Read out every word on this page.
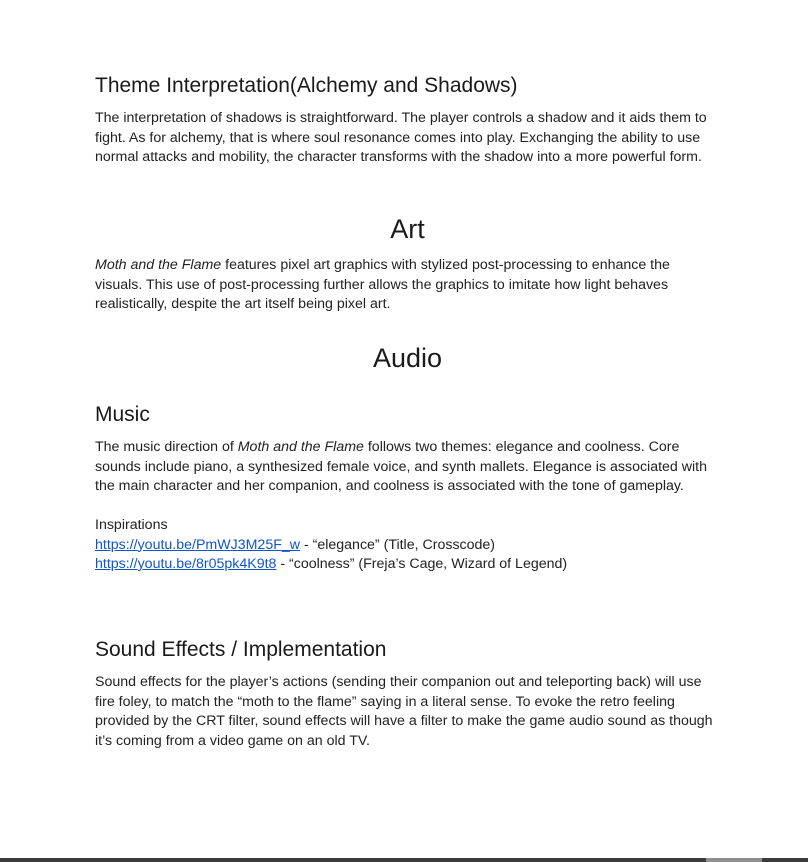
Theme Interpretation(Alchemy and Shadows)

The interpretation of shadows is straightforward. The player controls a shadow and it aids them to fight. As for alchemy, that is where soul resonance comes into play. Exchanging the ability to use normal attacks and mobility, the character transforms with the shadow into a more powerful form.

Art

Moth and the Flame features pixel art graphics with stylized post-processing to enhance the visuals. This use of post-processing further allows the graphics to imitate how light behaves realistically, despite the art itself being pixel art.

Audio
Music

The music direction of Moth and the Flame follows two themes: elegance and coolness. Core sounds include piano, a synthesized female voice, and synth mallets. Elegance is associated with the main character and her companion, and coolness is associated with the tone of gameplay.

Inspirations

https://youtu.be/PmWJ3M25F_w - “elegance” (Title, Crosscode)

https://youtu.be/8r05pk4K9t8 - “coolness” (Freja’s Cage, Wizard of Legend)

Sound Effects / Implementation

Sound effects for the player’s actions (sending their companion out and teleporting back) will use fire foley, to match the “moth to the flame” saying in a literal sense. To evoke the retro feeling provided by the CRT filter, sound effects will have a filter to make the game audio sound as though it’s coming from a video game on an old TV.
